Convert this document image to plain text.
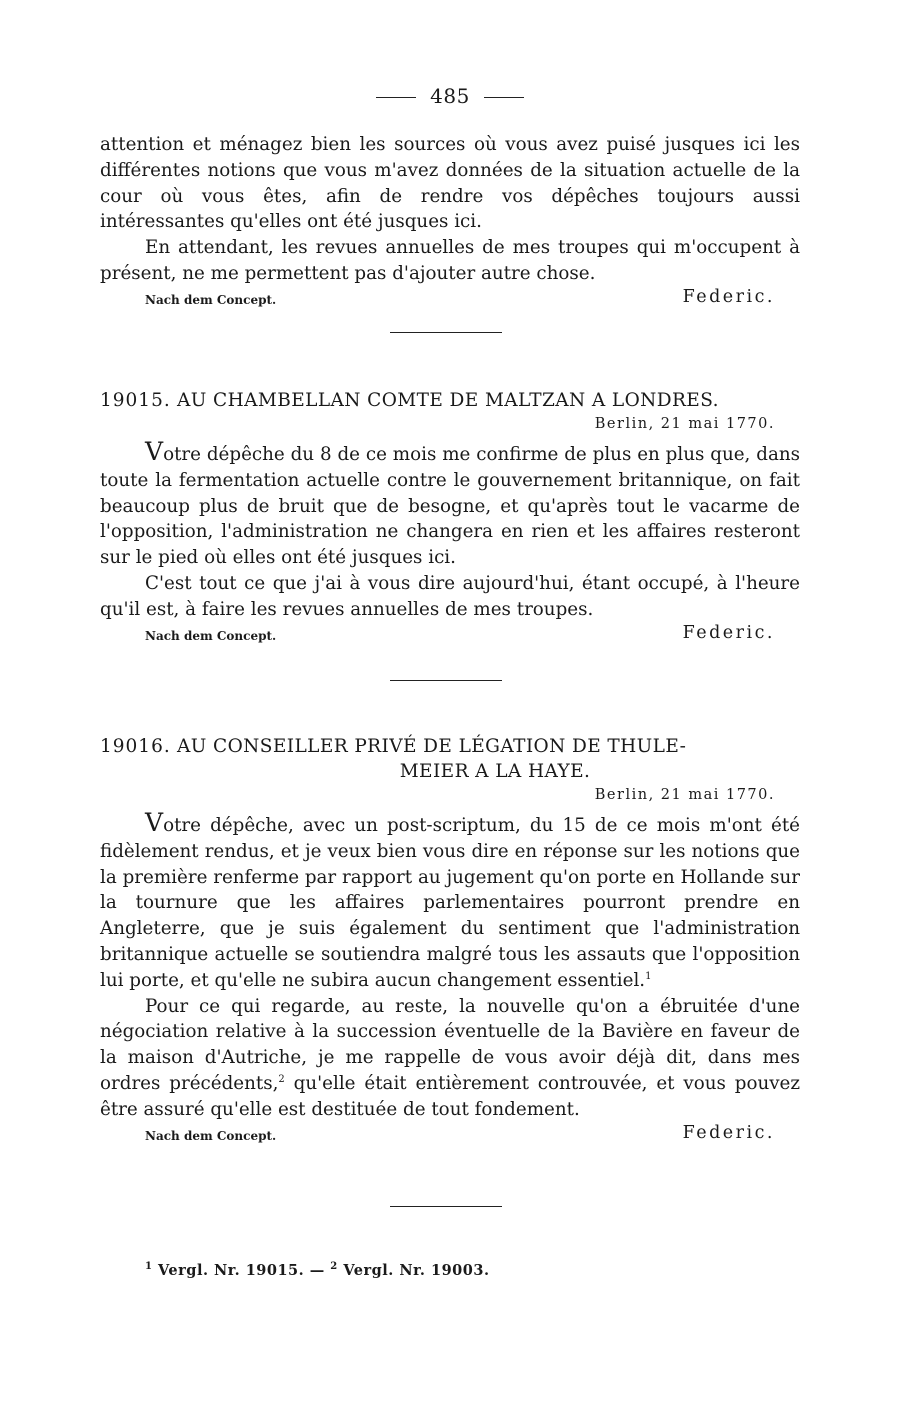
485

attention et ménagez bien les sources où vous avez puisé jusques ici les différentes notions que vous m'avez données de la situation actuelle de la cour où vous êtes, afin de rendre vos dépêches toujours aussi intéressantes qu'elles ont été jusques ici.

En attendant, les revues annuelles de mes troupes qui m'occupent à présent, ne me permettent pas d'ajouter autre chose.

Nach dem Concept.	Federic.

19015. AU CHAMBELLAN COMTE DE MALTZAN A LONDRES.

Berlin, 21 mai 1770.

Votre dépêche du 8 de ce mois me confirme de plus en plus que, dans toute la fermentation actuelle contre le gouvernement britannique, on fait beaucoup plus de bruit que de besogne, et qu'après tout le vacarme de l'opposition, l'administration ne changera en rien et les affaires resteront sur le pied où elles ont été jusques ici.

C'est tout ce que j'ai à vous dire aujourd'hui, étant occupé, à l'heure qu'il est, à faire les revues annuelles de mes troupes.

Nach dem Concept.	Federic.

19016. AU CONSEILLER PRIVÉ DE LÉGATION DE THULE-

MEIER A LA HAYE.

Berlin, 21 mai 1770.

Votre dépêche, avec un post-scriptum, du 15 de ce mois m'ont été fidèlement rendus, et je veux bien vous dire en réponse sur les notions que la première renferme par rapport au jugement qu'on porte en Hollande sur la tournure que les affaires parlementaires pourront prendre en Angleterre, que je suis également du sentiment que l'administration britannique actuelle se soutiendra malgré tous les assauts que l'opposition lui porte, et qu'elle ne subira aucun changement essentiel.$^1$

Pour ce qui regarde, au reste, la nouvelle qu'on a ébruitée d'une négociation relative à la succession éventuelle de la Bavière en faveur de la maison d'Autriche, je me rappelle de vous avoir déjà dit, dans mes ordres précédents,$^2$ qu'elle était entièrement controuvée, et vous pouvez être assuré qu'elle est destituée de tout fondement.

Nach dem Concept.	Federic.
$^1$ Vergl. Nr. 19015. — $^2$ Vergl. Nr. 19003.
